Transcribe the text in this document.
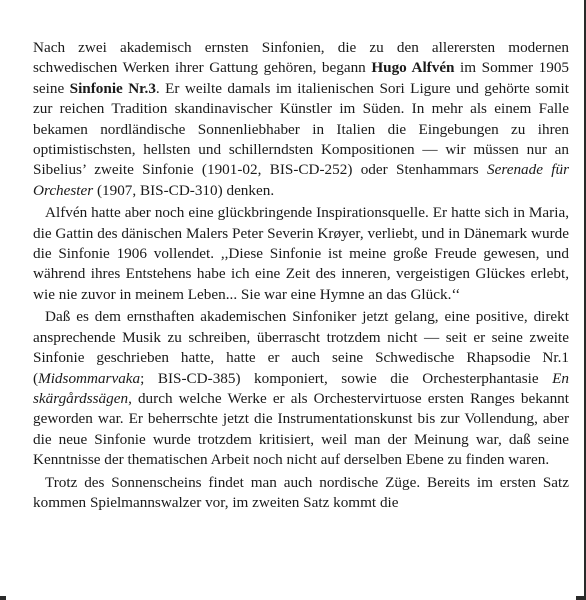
Nach zwei akademisch ernsten Sinfonien, die zu den allerersten modernen schwedischen Werken ihrer Gattung gehören, begann Hugo Alfvén im Sommer 1905 seine Sinfonie Nr.3. Er weilte damals im italienischen Sori Ligure und gehörte somit zur reichen Tradition skandinavischer Künstler im Süden. In mehr als einem Falle bekamen nordländische Sonnenliebhaber in Italien die Eingebungen zu ihren optimistischsten, hellsten und schillerndsten Kompositionen — wir müssen nur an Sibelius’ zweite Sinfonie (1901-02, BIS-CD-252) oder Stenhammars Serenade für Orchester (1907, BIS-CD-310) denken.

Alfvén hatte aber noch eine glückbringende Inspirationsquelle. Er hatte sich in Maria, die Gattin des dänischen Malers Peter Severin Krøyer, verliebt, und in Dänemark wurde die Sinfonie 1906 vollendet. ,,Diese Sinfonie ist meine große Freude gewesen, und während ihres Entstehens habe ich eine Zeit des inneren, vergeistigen Glückes erlebt, wie nie zuvor in meinem Leben... Sie war eine Hymne an das Glück.‘‘

Daß es dem ernsthaften akademischen Sinfoniker jetzt gelang, eine positive, direkt ansprechende Musik zu schreiben, überrascht trotzdem nicht — seit er seine zweite Sinfonie geschrieben hatte, hatte er auch seine Schwedische Rhapsodie Nr.1 (Midsommarvaka; BIS-CD-385) komponiert, sowie die Orchesterphantasie En skärgårdssägen, durch welche Werke er als Orchestervirtuose ersten Ranges bekannt geworden war. Er beherrschte jetzt die Instrumentationskunst bis zur Vollendung, aber die neue Sinfonie wurde trotzdem kritisiert, weil man der Meinung war, daß seine Kenntnisse der thematischen Arbeit noch nicht auf derselben Ebene zu finden waren.

Trotz des Sonnenscheins findet man auch nordische Züge. Bereits im ersten Satz kommen Spielmannswalzer vor, im zweiten Satz kommt die
